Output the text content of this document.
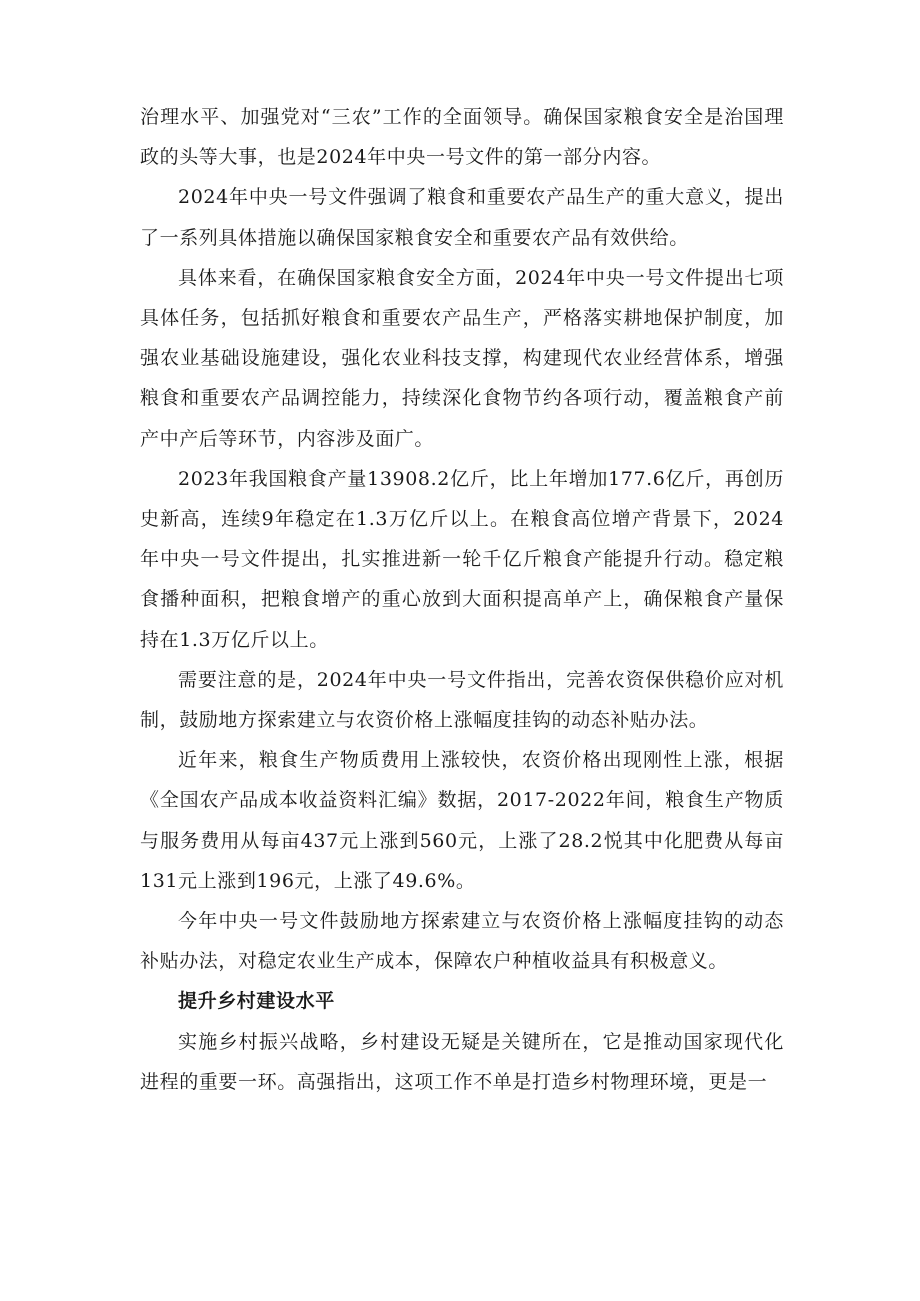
治理水平、加强党对“三农”工作的全面领导。确保国家粮食安全是治国理政的头等大事，也是2024年中央一号文件的第一部分内容。

2024年中央一号文件强调了粮食和重要农产品生产的重大意义，提出了一系列具体措施以确保国家粮食安全和重要农产品有效供给。

具体来看，在确保国家粮食安全方面，2024年中央一号文件提出七项具体任务，包括抓好粮食和重要农产品生产，严格落实耕地保护制度，加强农业基础设施建设，强化农业科技支撑，构建现代农业经营体系，增强粮食和重要农产品调控能力，持续深化食物节约各项行动，覆盖粮食产前产中产后等环节，内容涉及面广。

2023年我国粮食产量13908.2亿斤，比上年增加177.6亿斤，再创历史新高，连续9年稳定在1.3万亿斤以上。在粮食高位增产背景下，2024年中央一号文件提出，扎实推进新一轮千亿斤粮食产能提升行动。稳定粮食播种面积，把粮食增产的重心放到大面积提高单产上，确保粮食产量保持在1.3万亿斤以上。

需要注意的是，2024年中央一号文件指出，完善农资保供稳价应对机制，鼓励地方探索建立与农资价格上涨幅度挂钩的动态补贴办法。

近年来，粮食生产物质费用上涨较快，农资价格出现刚性上涨，根据《全国农产品成本收益资料汇编》数据，2017-2022年间，粮食生产物质与服务费用从每亩437元上涨到560元，上涨了28.2悦其中化肥费从每亩131元上涨到196元，上涨了49.6%。

今年中央一号文件鼓励地方探索建立与农资价格上涨幅度挂钩的动态补贴办法，对稳定农业生产成本，保障农户种植收益具有积极意义。

提升乡村建设水平

实施乡村振兴战略，乡村建设无疑是关键所在，它是推动国家现代化进程的重要一环。高强指出，这项工作不单是打造乡村物理环境，更是一
